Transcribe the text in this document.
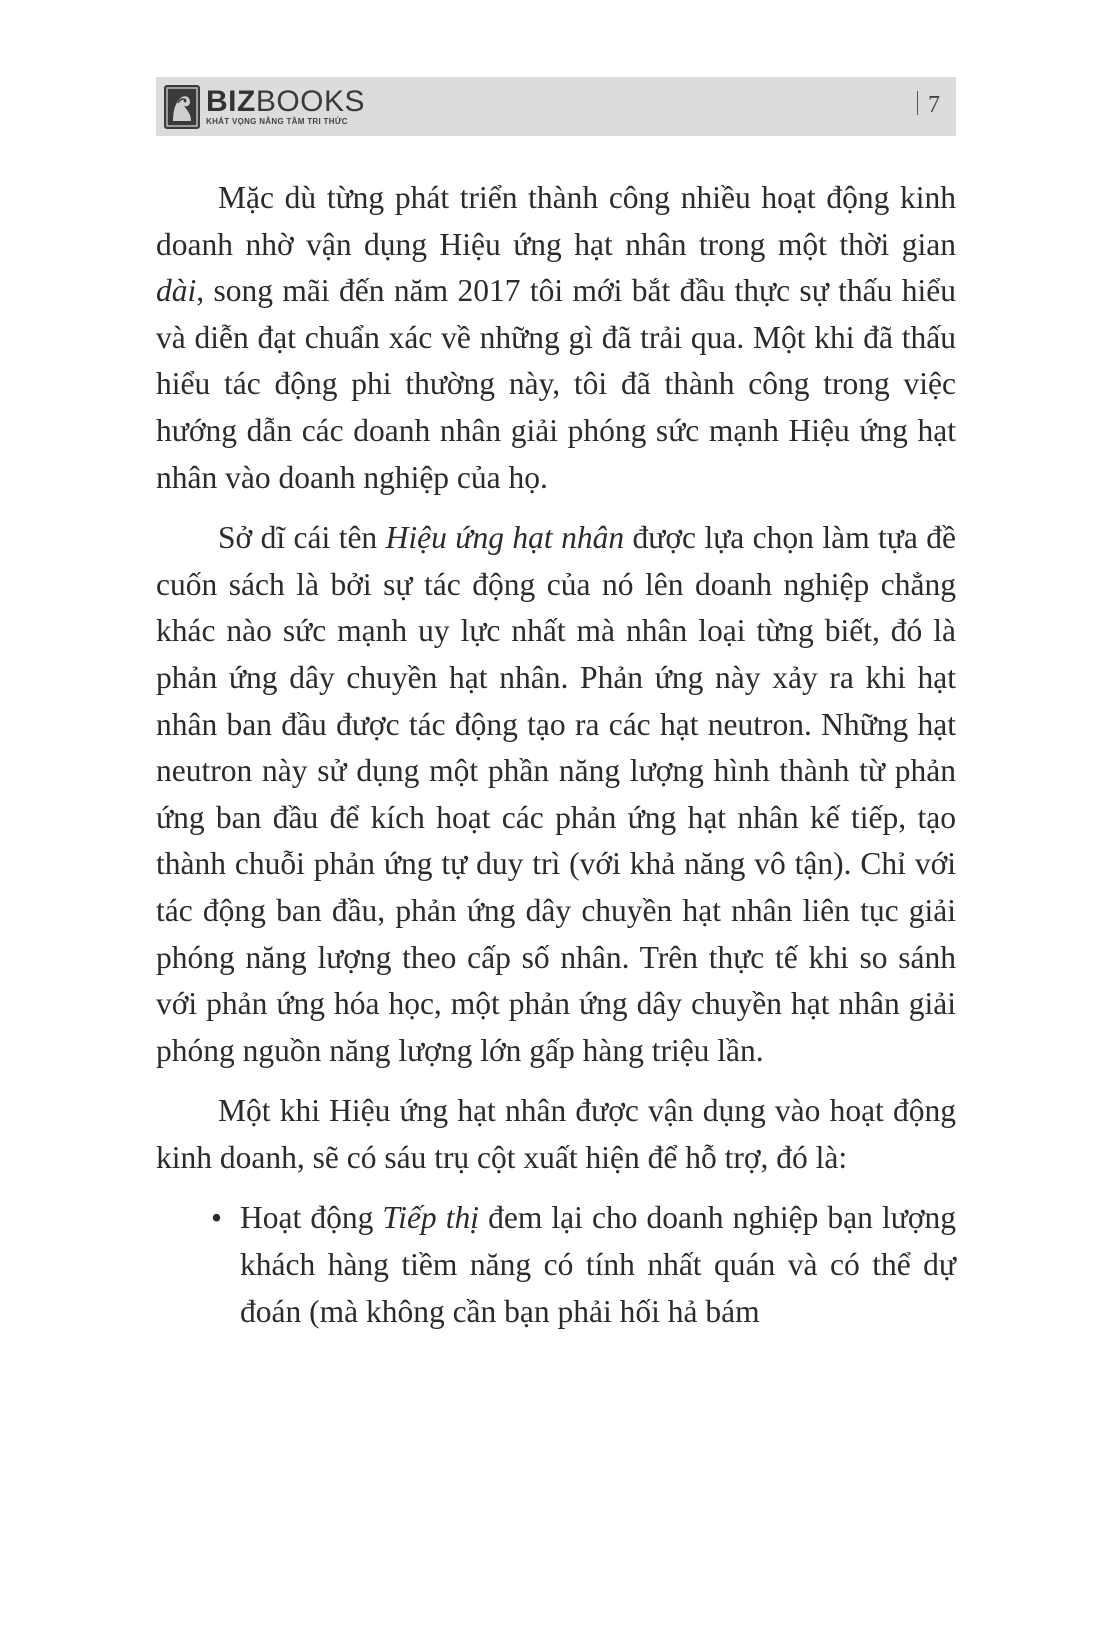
BIZBOOKS
KHÁT VỌNG NÂNG TẦM TRI THỨC
7

Mặc dù từng phát triển thành công nhiều hoạt động kinh doanh nhờ vận dụng Hiệu ứng hạt nhân trong một thời gian dài, song mãi đến năm 2017 tôi mới bắt đầu thực sự thấu hiểu và diễn đạt chuẩn xác về những gì đã trải qua. Một khi đã thấu hiểu tác động phi thường này, tôi đã thành công trong việc hướng dẫn các doanh nhân giải phóng sức mạnh Hiệu ứng hạt nhân vào doanh nghiệp của họ.

Sở dĩ cái tên Hiệu ứng hạt nhân được lựa chọn làm tựa đề cuốn sách là bởi sự tác động của nó lên doanh nghiệp chẳng khác nào sức mạnh uy lực nhất mà nhân loại từng biết, đó là phản ứng dây chuyền hạt nhân. Phản ứng này xảy ra khi hạt nhân ban đầu được tác động tạo ra các hạt neutron. Những hạt neutron này sử dụng một phần năng lượng hình thành từ phản ứng ban đầu để kích hoạt các phản ứng hạt nhân kế tiếp, tạo thành chuỗi phản ứng tự duy trì (với khả năng vô tận). Chỉ với tác động ban đầu, phản ứng dây chuyền hạt nhân liên tục giải phóng năng lượng theo cấp số nhân. Trên thực tế khi so sánh với phản ứng hóa học, một phản ứng dây chuyền hạt nhân giải phóng nguồn năng lượng lớn gấp hàng triệu lần.

Một khi Hiệu ứng hạt nhân được vận dụng vào hoạt động kinh doanh, sẽ có sáu trụ cột xuất hiện để hỗ trợ, đó là:

• Hoạt động Tiếp thị đem lại cho doanh nghiệp bạn lượng khách hàng tiềm năng có tính nhất quán và có thể dự đoán (mà không cần bạn phải hối hả bám
